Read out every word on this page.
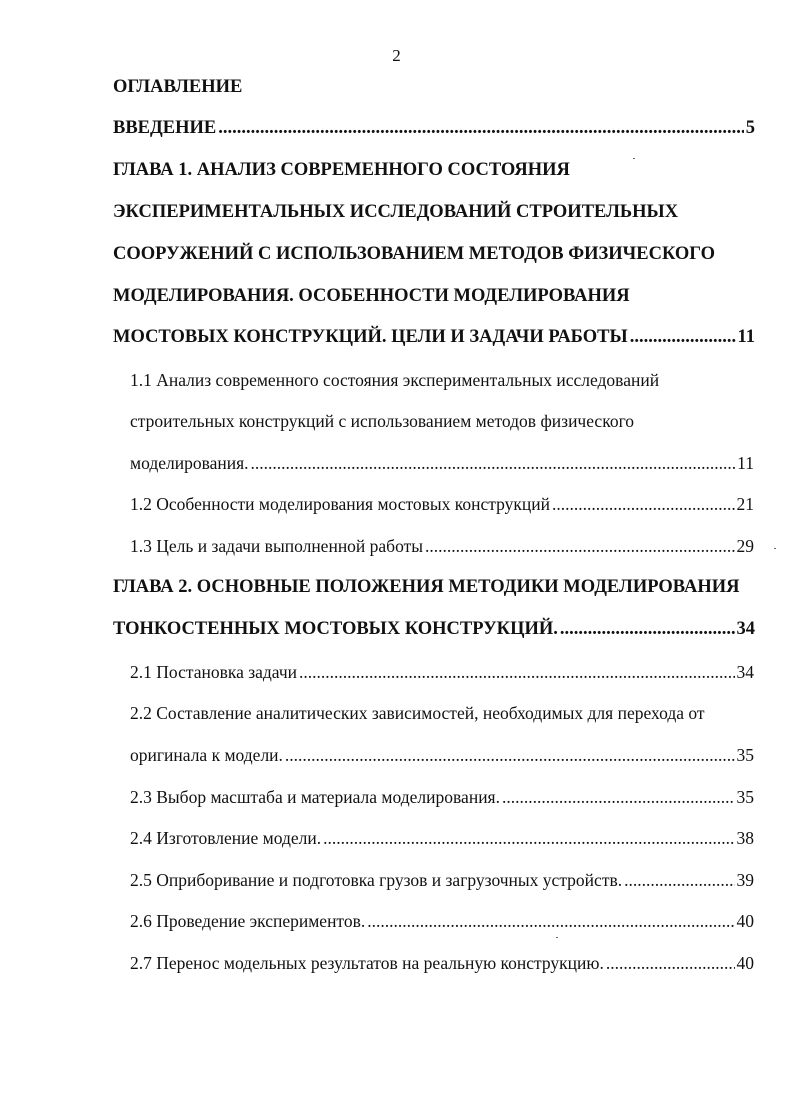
2
ОГЛАВЛЕНИЕ
ВВЕДЕНИЕ .....	5
ГЛАВА 1. АНАЛИЗ СОВРЕМЕННОГО СОСТОЯНИЯ
ЭКСПЕРИМЕНТАЛЬНЫХ ИССЛЕДОВАНИЙ СТРОИТЕЛЬНЫХ
СООРУЖЕНИЙ С ИСПОЛЬЗОВАНИЕМ МЕТОДОВ ФИЗИЧЕСКОГО
МОДЕЛИРОВАНИЯ. ОСОБЕННОСТИ МОДЕЛИРОВАНИЯ
МОСТОВЫХ КОНСТРУКЦИЙ. ЦЕЛИ И ЗАДАЧИ РАБОТЫ .....	11
1.1 Анализ современного состояния экспериментальных исследований
строительных конструкций с использованием методов физического
моделирования. .....	11
1.2 Особенности моделирования мостовых конструкций .....	21
1.3 Цель и задачи выполненной работы .....	29
ГЛАВА 2. ОСНОВНЫЕ ПОЛОЖЕНИЯ МЕТОДИКИ МОДЕЛИРОВАНИЯ
ТОНКОСТЕННЫХ МОСТОВЫХ КОНСТРУКЦИЙ. .....	34
2.1 Постановка задачи .....	34
2.2 Составление аналитических зависимостей, необходимых для перехода от
оригинала к модели. .....	35
2.3 Выбор масштаба и материала моделирования. .....	35
2.4 Изготовление модели. .....	38
2.5 Оприборивание и подготовка грузов и загрузочных устройств. .....	39
2.6 Проведение экспериментов. .....	40
2.7 Перенос модельных результатов на реальную конструкцию. .....	40
